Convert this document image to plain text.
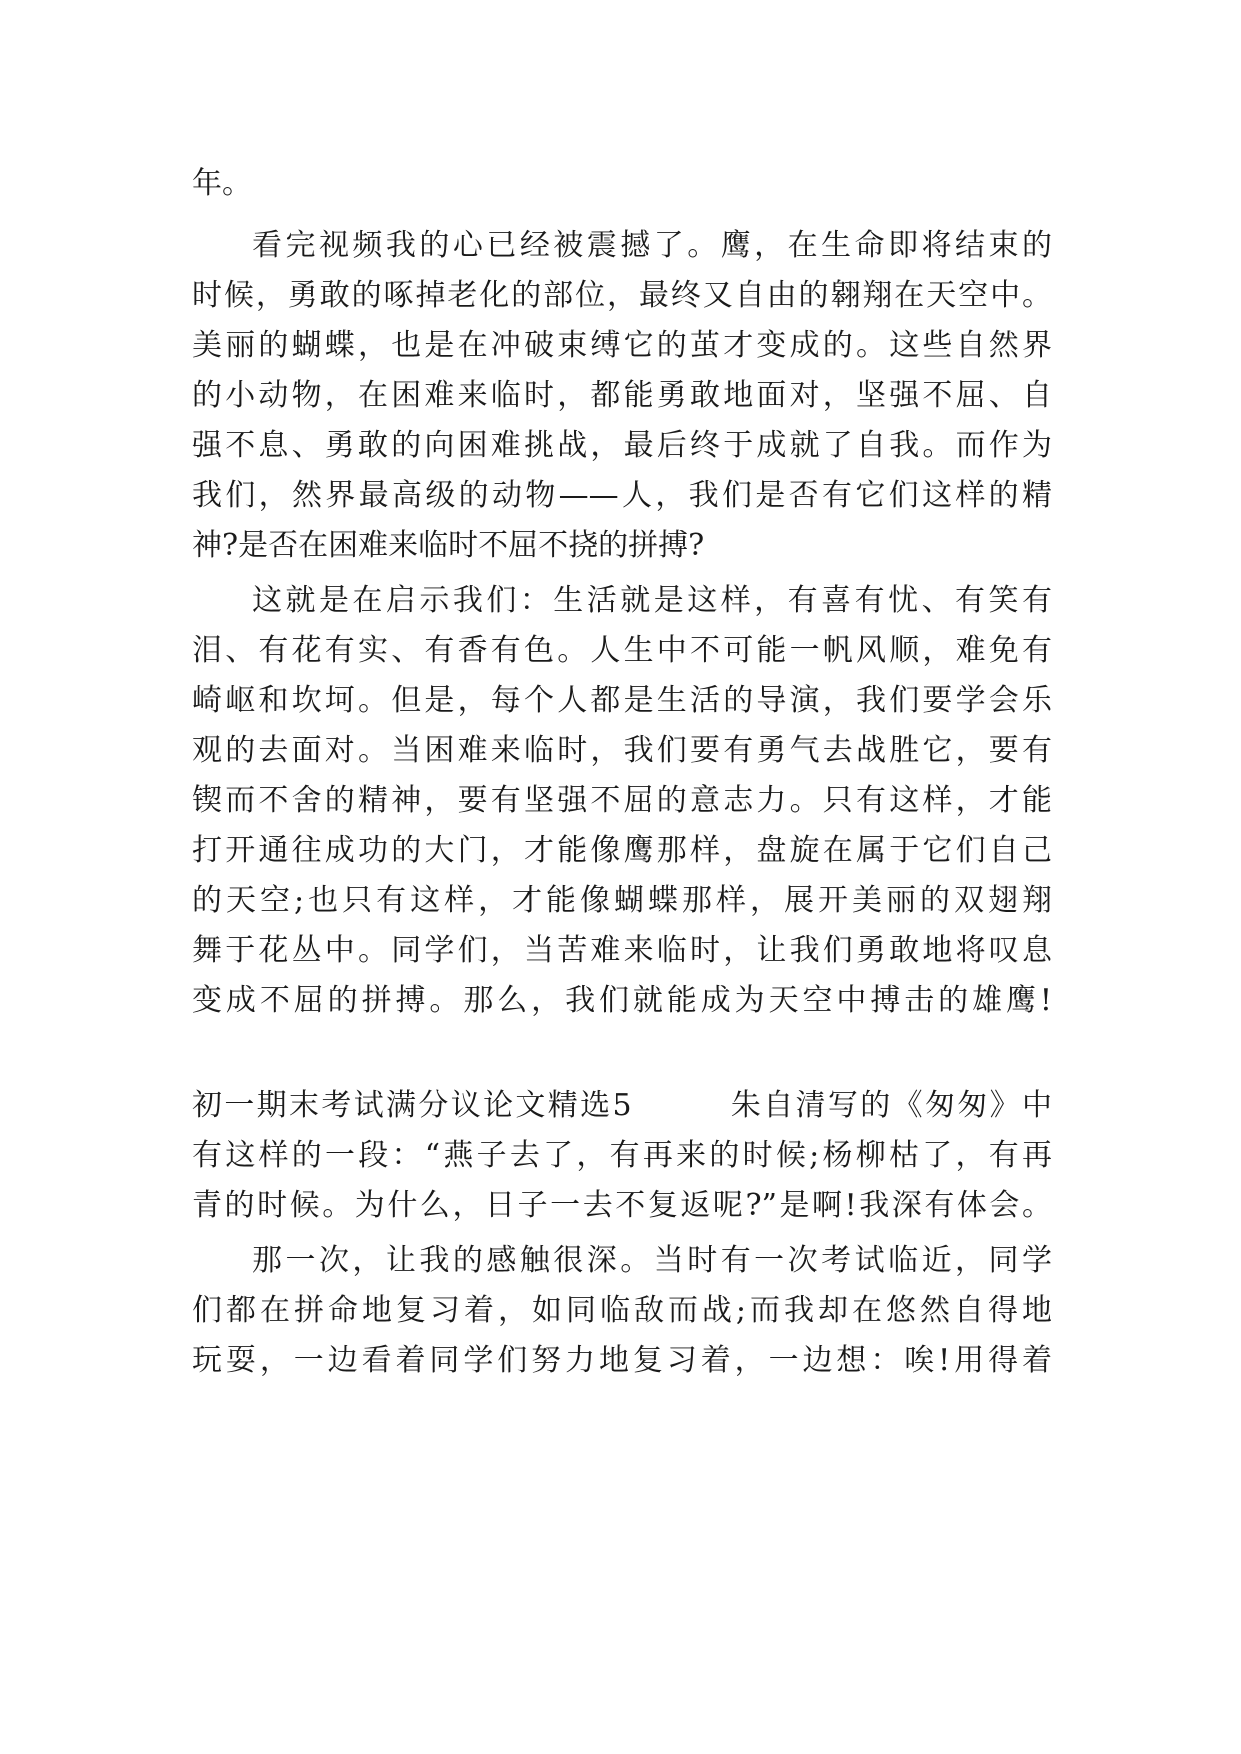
年。
看完视频我的心已经被震撼了。鹰，在生命即将结束的
时候，勇敢的啄掉老化的部位，最终又自由的翱翔在天空中。
美丽的蝴蝶，也是在冲破束缚它的茧才变成的。这些自然界
的小动物，在困难来临时，都能勇敢地面对，坚强不屈、自
强不息、勇敢的向困难挑战，最后终于成就了自我。而作为
我们，然界最高级的动物——人，我们是否有它们这样的精
神?是否在困难来临时不屈不挠的拼搏?
这就是在启示我们：生活就是这样，有喜有忧、有笑有
泪、有花有实、有香有色。人生中不可能一帆风顺，难免有
崎岖和坎坷。但是，每个人都是生活的导演，我们要学会乐
观的去面对。当困难来临时，我们要有勇气去战胜它，要有
锲而不舍的精神，要有坚强不屈的意志力。只有这样，才能
打开通往成功的大门，才能像鹰那样，盘旋在属于它们自己
的天空;也只有这样，才能像蝴蝶那样，展开美丽的双翅翔
舞于花丛中。同学们，当苦难来临时，让我们勇敢地将叹息
变成不屈的拼搏。那么，我们就能成为天空中搏击的雄鹰!
初一期末考试满分议论文精选5　　　朱自清写的《匆匆》中
有这样的一段：“燕子去了，有再来的时候;杨柳枯了，有再
青的时候。为什么，日子一去不复返呢?”是啊!我深有体会。
那一次，让我的感触很深。当时有一次考试临近，同学
们都在拼命地复习着，如同临敌而战;而我却在悠然自得地
玩耍，一边看着同学们努力地复习着，一边想：唉!用得着
